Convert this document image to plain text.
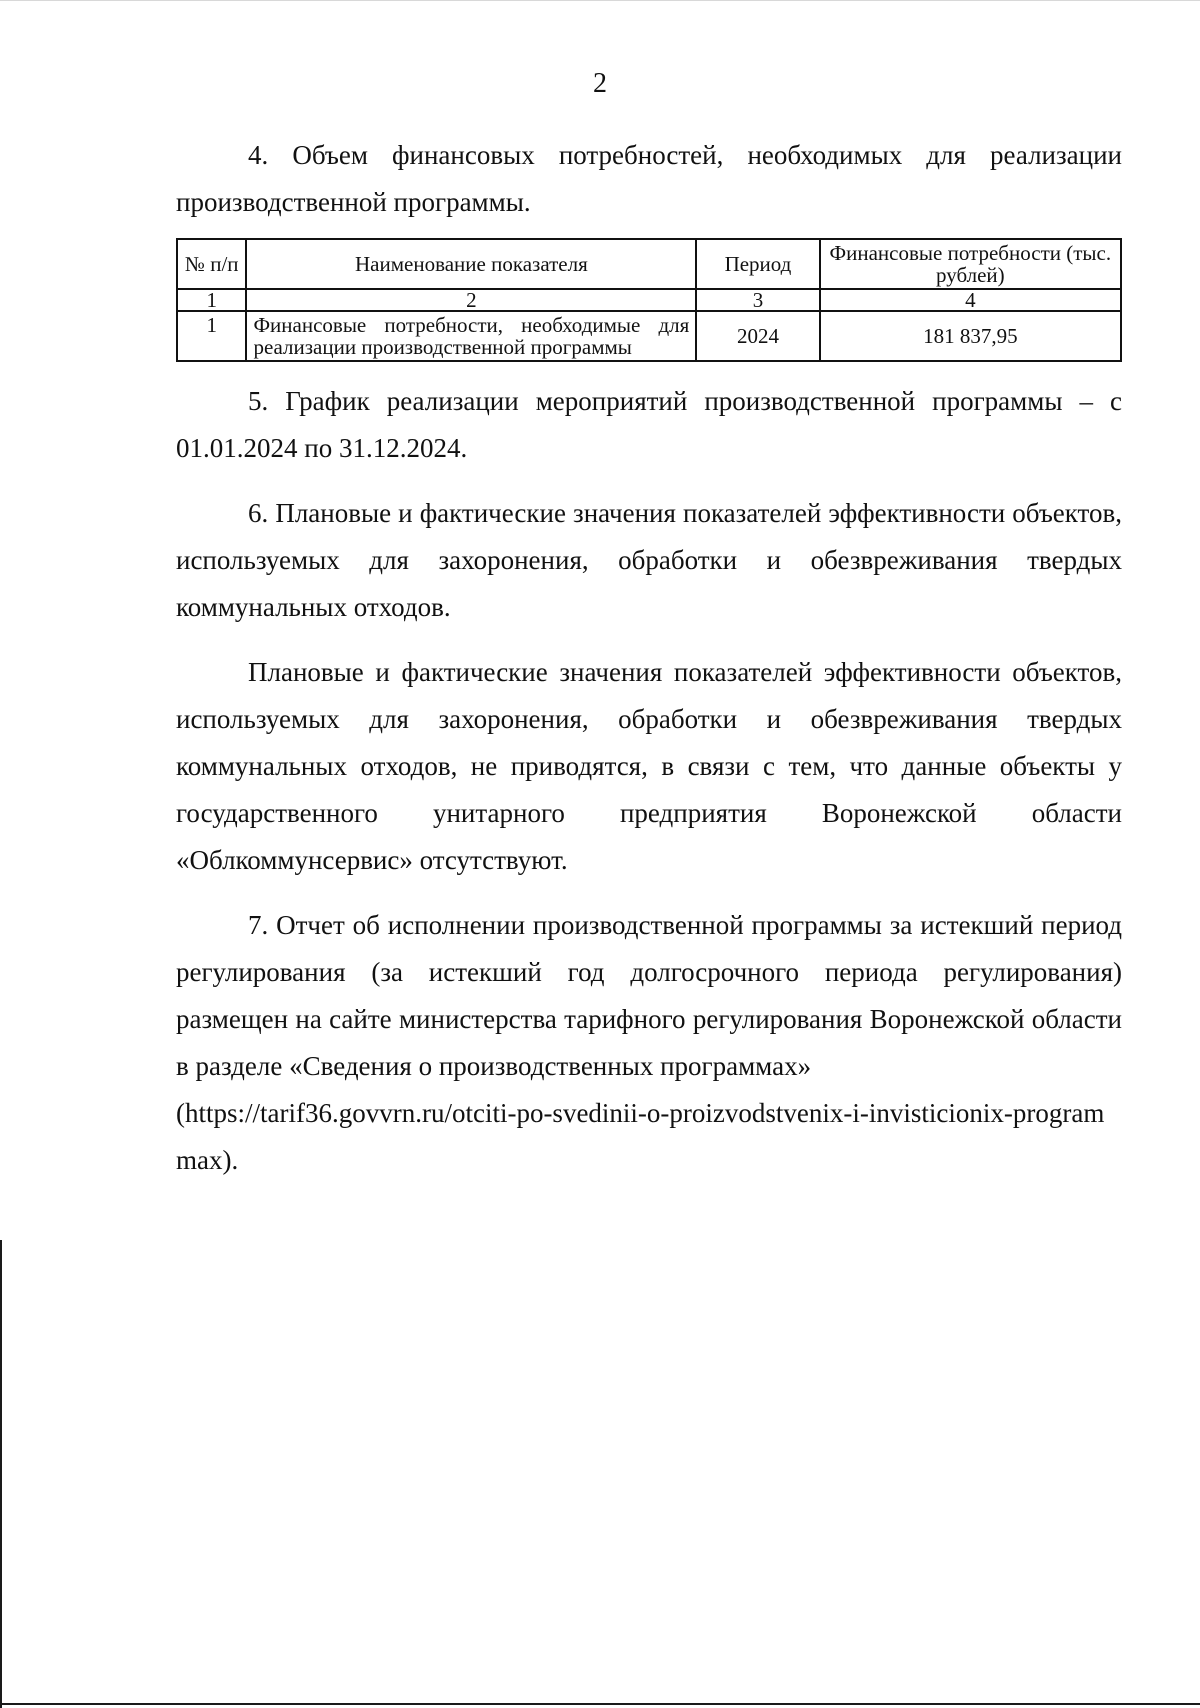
2

4. Объем финансовых потребностей, необходимых для реализации производственной программы.

№ п/п	Наименование показателя	Период	Финансовые потребности (тыс. рублей)
1	2	3	4
1	Финансовые потребности, необходимые для реализации производственной программы	2024	181 837,95

5. График реализации мероприятий производственной программы – с 01.01.2024 по 31.12.2024.

6. Плановые и фактические значения показателей эффективности объектов, используемых для захоронения, обработки и обезвреживания твердых коммунальных отходов.

Плановые и фактические значения показателей эффективности объектов, используемых для захоронения, обработки и обезвреживания твердых коммунальных отходов, не приводятся, в связи с тем, что данные объекты у государственного унитарного предприятия Воронежской области «Облкоммунсервис» отсутствуют.

7. Отчет об исполнении производственной программы за истекший период регулирования (за истекший год долгосрочного периода регулирования) размещен на сайте министерства тарифного регулирования Воронежской области в разделе «Сведения о производственных программах»

(https://tarif36.govvrn.ru/otciti-po-svedinii-o-proizvodstvenix-i-invisticionix-programmax).
